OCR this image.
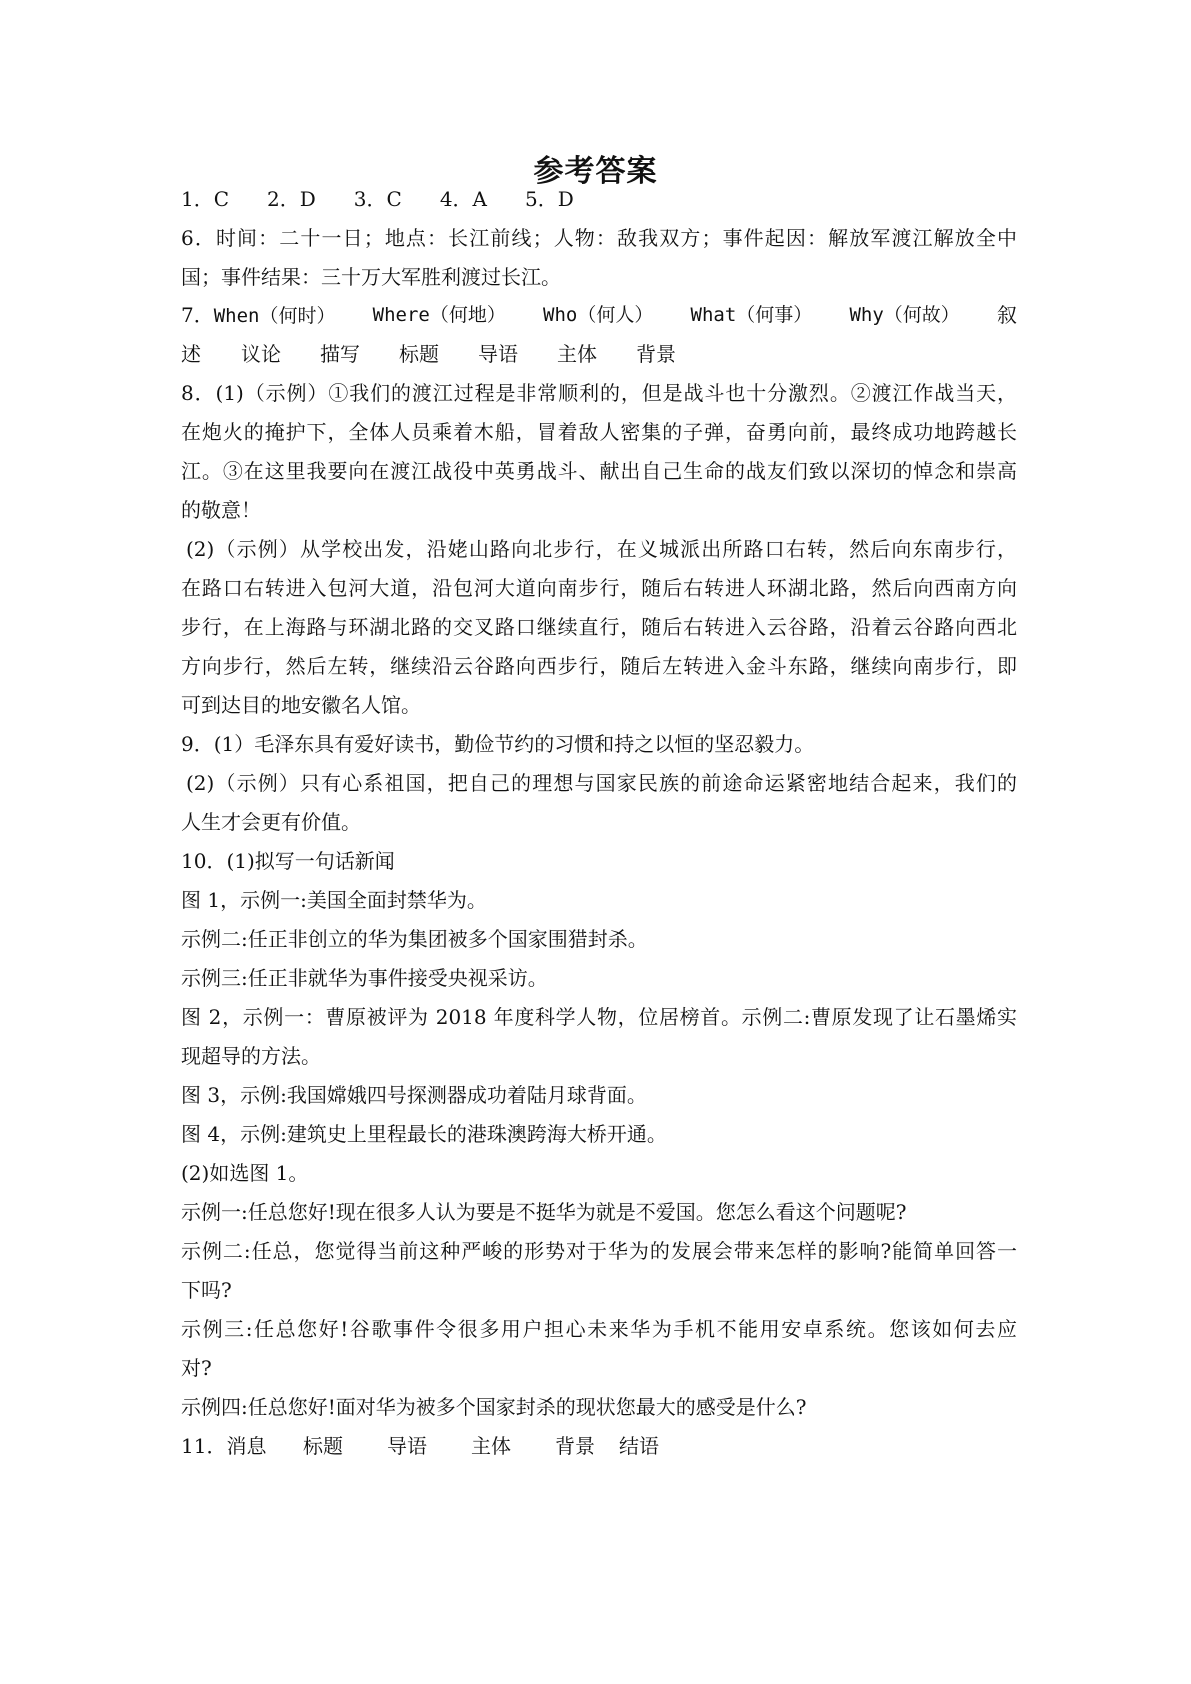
参考答案
1．C 2．D 3．C 4．A 5．D
6．时间：二十一日；地点：长江前线；人物：敌我双方；事件起因：解放军渡江解放全中
国；事件结果：三十万大军胜利渡过长江。
7．When（何时） Where（何地） Who（何人） What（何事） Why（何故） 叙
述 议论 描写 标题 导语 主体 背景
8．(1)（示例）①我们的渡江过程是非常顺利的，但是战斗也十分激烈。②渡江作战当天，
在炮火的掩护下，全体人员乘着木船，冒着敌人密集的子弹，奋勇向前，最终成功地跨越长
江。③在这里我要向在渡江战役中英勇战斗、献出自己生命的战友们致以深切的悼念和崇高
的敬意！
(2)（示例）从学校出发，沿姥山路向北步行，在义城派出所路口右转，然后向东南步行，
在路口右转进入包河大道，沿包河大道向南步行，随后右转进人环湖北路，然后向西南方向
步行，在上海路与环湖北路的交叉路口继续直行，随后右转进入云谷路，沿着云谷路向西北
方向步行，然后左转，继续沿云谷路向西步行，随后左转进入金斗东路，继续向南步行，即
可到达目的地安徽名人馆。
9．(1）毛泽东具有爱好读书，勤俭节约的习惯和持之以恒的坚忍毅力。
(2)（示例）只有心系祖国，把自己的理想与国家民族的前途命运紧密地结合起来，我们的
人生才会更有价值。
10．(1)拟写一句话新闻
图 1，示例一:美国全面封禁华为。
示例二:任正非创立的华为集团被多个国家围猎封杀。
示例三:任正非就华为事件接受央视采访。
图 2，示例一：曹原被评为 2018 年度科学人物，位居榜首。示例二:曹原发现了让石墨烯实
现超导的方法。
图 3，示例:我国嫦娥四号探测器成功着陆月球背面。
图 4，示例:建筑史上里程最长的港珠澳跨海大桥开通。
(2)如选图 1。
示例一:任总您好!现在很多人认为要是不挺华为就是不爱国。您怎么看这个问题呢?
示例二:任总，您觉得当前这种严峻的形势对于华为的发展会带来怎样的影响?能简单回答一
下吗?
示例三:任总您好!谷歌事件令很多用户担心未来华为手机不能用安卓系统。您该如何去应
对?
示例四:任总您好!面对华为被多个国家封杀的现状您最大的感受是什么?
11．消息 标题 导语 主体 背景 结语
